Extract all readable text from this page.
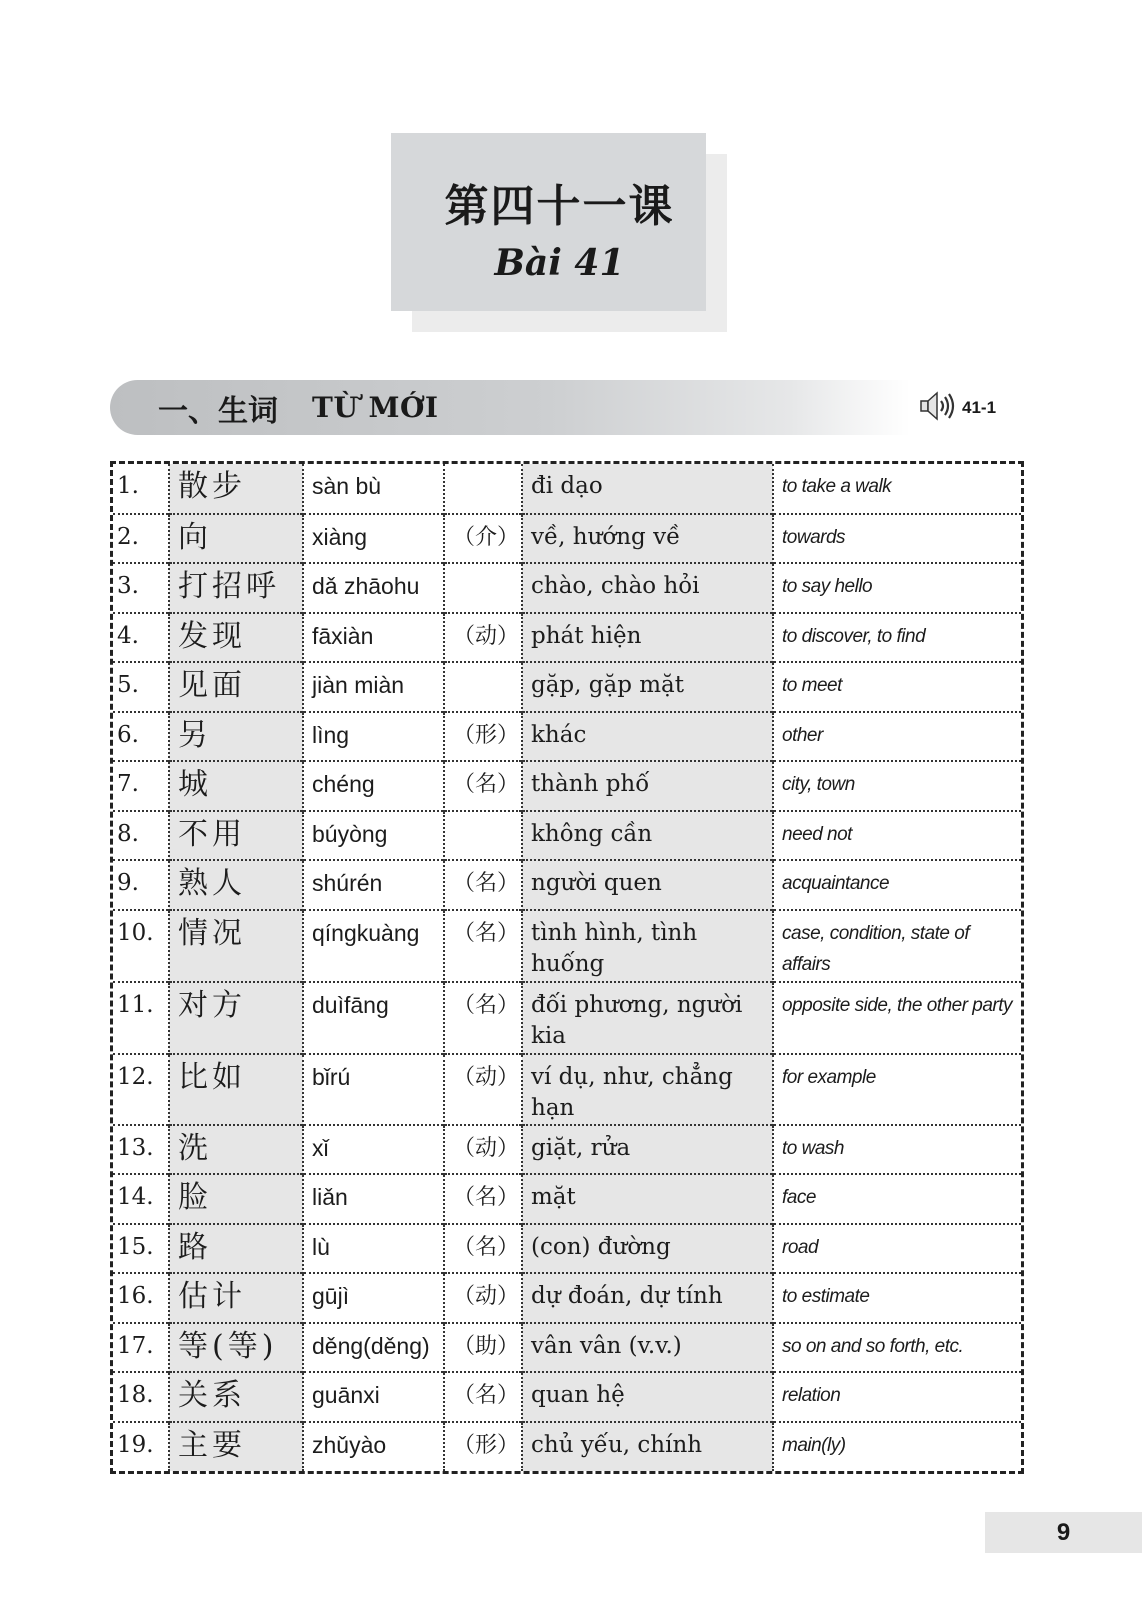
第四十一课
Bài 41
一、生词 TỪ MỚI	41-1
1.	散步	sàn bù		đi dạo	to take a walk
2.	向	xiàng	（介）	về, hướng về	towards
3.	打招呼	dǎ zhāohu		chào, chào hỏi	to say hello
4.	发现	fāxiàn	（动）	phát hiện	to discover, to find
5.	见面	jiàn miàn		gặp, gặp mặt	to meet
6.	另	lìng	（形）	khác	other
7.	城	chéng	（名）	thành phố	city, town
8.	不用	búyòng		không cần	need not
9.	熟人	shúrén	（名）	người quen	acquaintance
10.	情况	qíngkuàng	（名）	tình hình, tình huống	case, condition, state of affairs
11.	对方	duìfāng	（名）	đối phương, người kia	opposite side, the other party
12.	比如	bǐrú	（动）	ví dụ, như, chẳng hạn	for example
13.	洗	xǐ	（动）	giặt, rửa	to wash
14.	脸	liǎn	（名）	mặt	face
15.	路	lù	（名）	(con) đường	road
16.	估计	gūjì	（动）	dự đoán, dự tính	to estimate
17.	等(等)	děng(děng)	（助）	vân vân (v.v.)	so on and so forth, etc.
18.	关系	guānxi	（名）	quan hệ	relation
19.	主要	zhǔyào	（形）	chủ yếu, chính	main(ly)
9
